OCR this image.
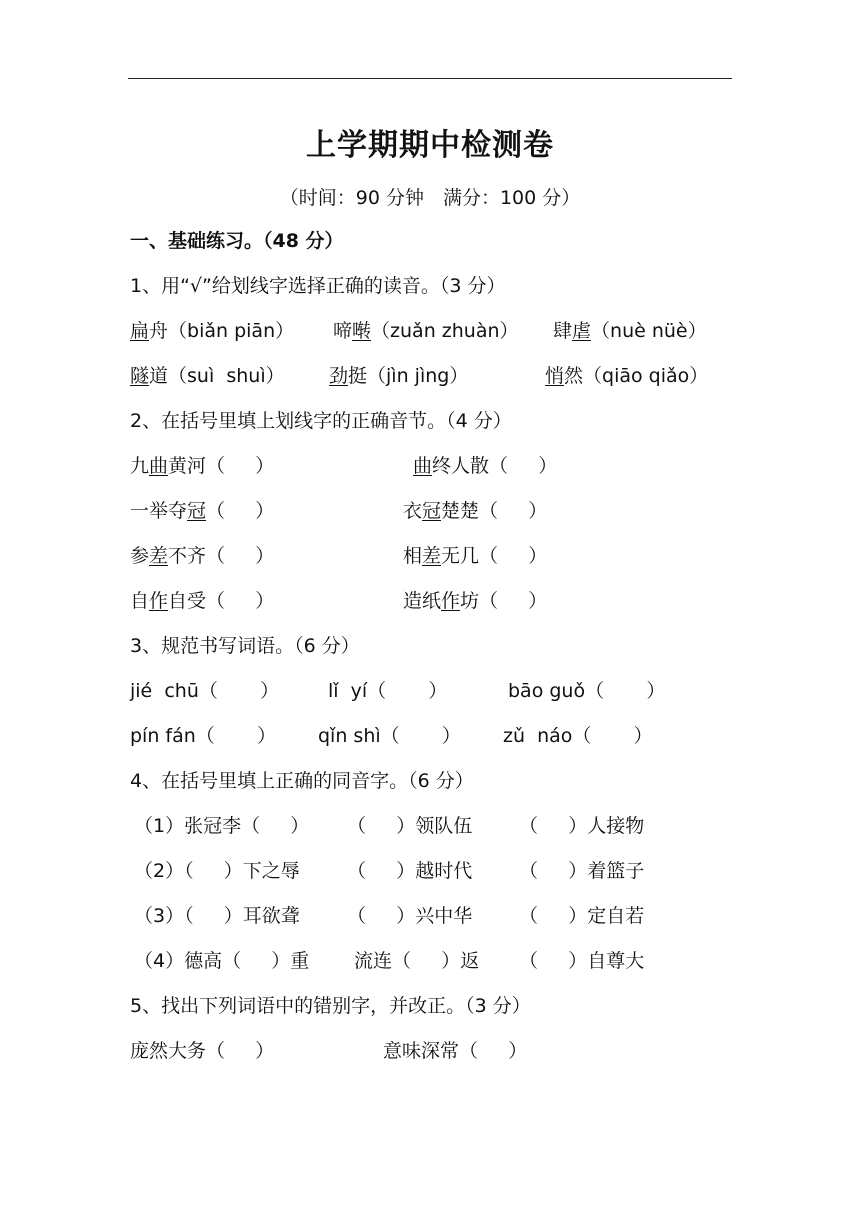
上学期期中检测卷
（时间：90 分钟　满分：100 分）
一、基础练习。（48 分）
1、用“√”给划线字选择正确的读音。（3 分）
扁舟（biǎn piān） 啼啭（zuǎn zhuàn） 肆虐（nuè nüè）
隧道（suì  shuì） 劲挺（jìn jìng）	悄然（qiāo qiǎo）
2、在括号里填上划线字的正确音节。（4 分）
九曲黄河（     ）	曲终人散（     ）
一举夺冠（     ）	衣冠楚楚（     ）
参差不齐（     ）	相差无几（     ）
自作自受（     ）	造纸作坊（     ）
3、规范书写词语。（6 分）
jié  chū（       ）	lǐ  yí（       ）	bāo guǒ（       ）
pín fán（       ） qǐn shì（       ） zǔ  náo（       ）
4、在括号里填上正确的同音字。（6 分）
（1）张冠李（     ） （     ）领队伍 （     ）人接物
（2）（     ）下之辱 （     ）越时代 （     ）着篮子
（3）（     ）耳欲聋 （     ）兴中华 （     ）定自若
（4）德高（     ）重 流连（     ）返 （     ）自尊大
5、找出下列词语中的错别字，并改正。（3 分）
庞然大务（     ）	意味深常（     ）
